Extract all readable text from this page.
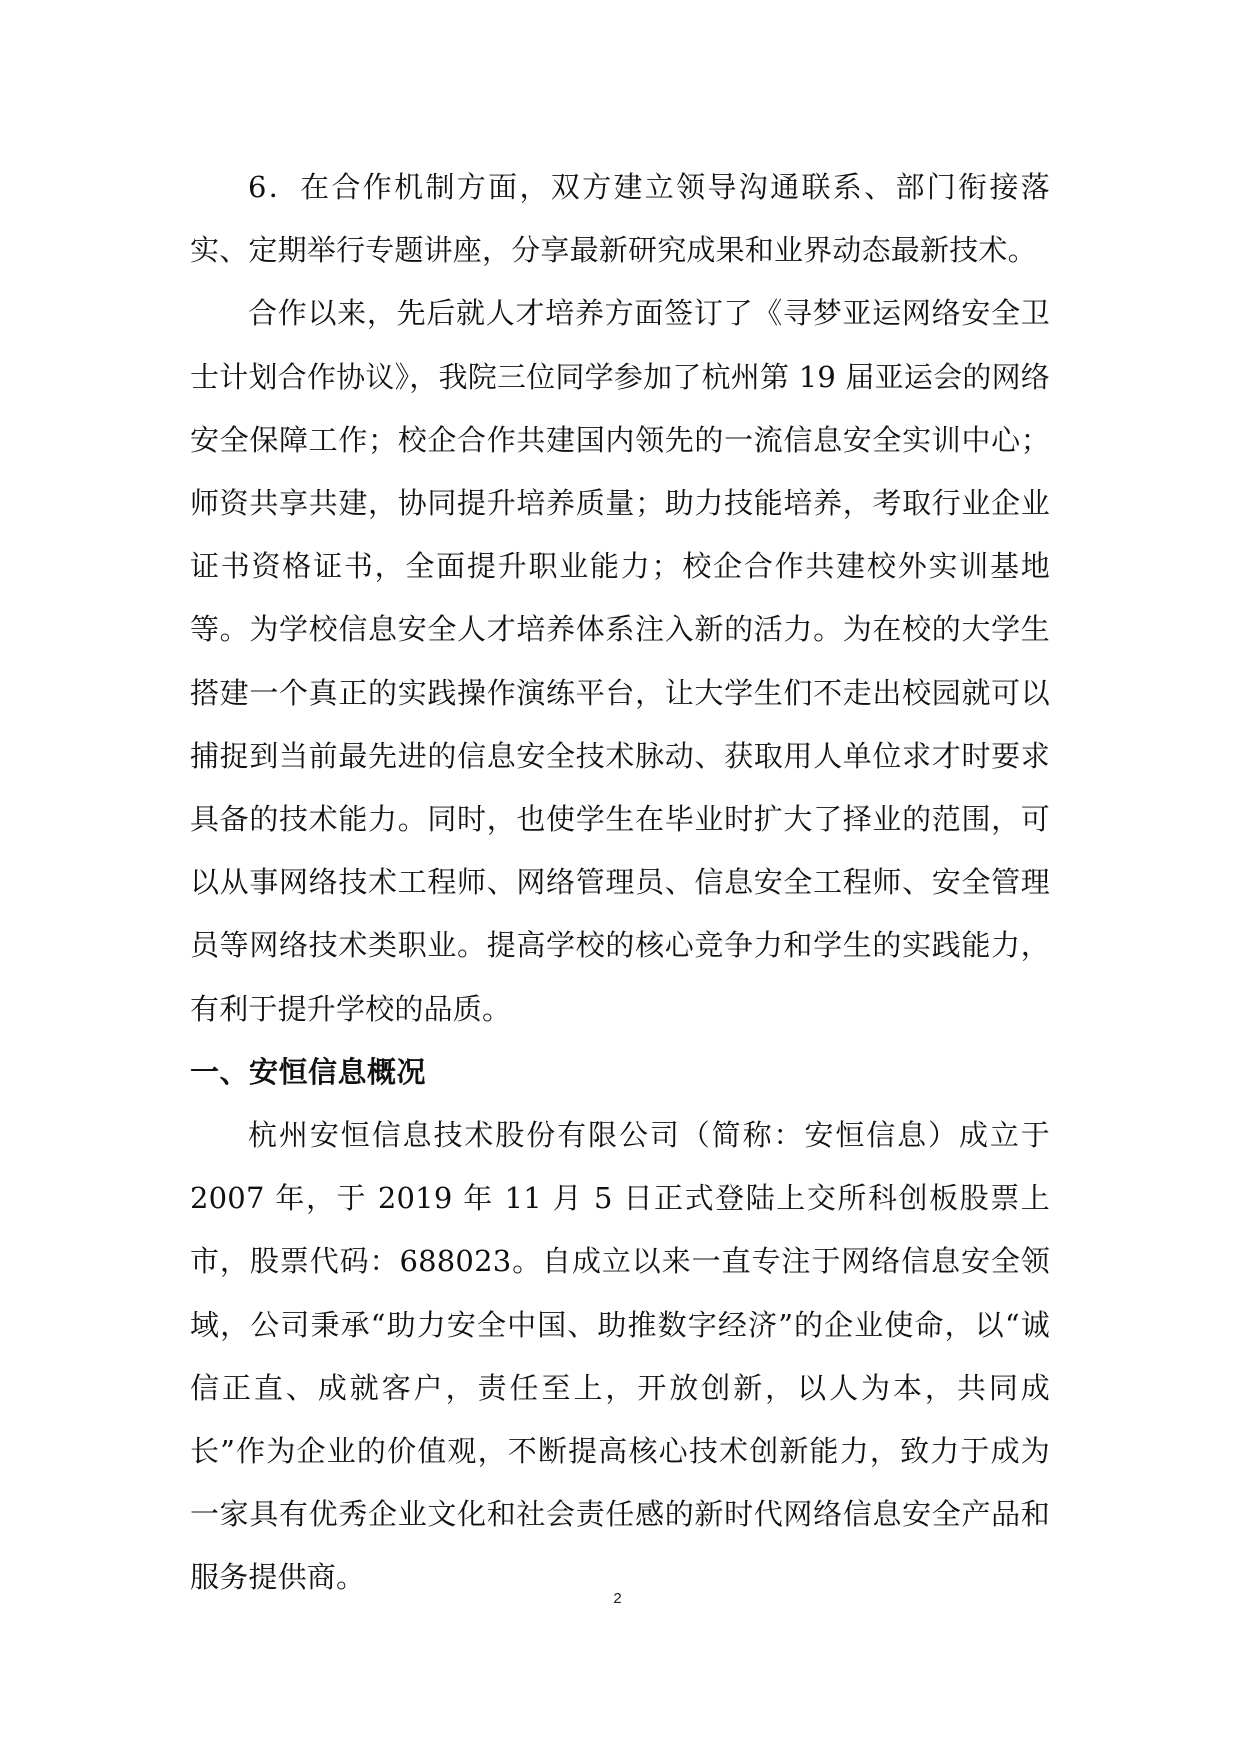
6．在合作机制方面，双方建立领导沟通联系、部门衔接落实、定期举行专题讲座，分享最新研究成果和业界动态最新技术。

合作以来，先后就人才培养方面签订了《寻梦亚运网络安全卫士计划合作协议》，我院三位同学参加了杭州第 19 届亚运会的网络安全保障工作；校企合作共建国内领先的一流信息安全实训中心；师资共享共建，协同提升培养质量；助力技能培养，考取行业企业证书资格证书，全面提升职业能力；校企合作共建校外实训基地等。为学校信息安全人才培养体系注入新的活力。为在校的大学生搭建一个真正的实践操作演练平台，让大学生们不走出校园就可以捕捉到当前最先进的信息安全技术脉动、获取用人单位求才时要求具备的技术能力。同时，也使学生在毕业时扩大了择业的范围，可以从事网络技术工程师、网络管理员、信息安全工程师、安全管理员等网络技术类职业。提高学校的核心竞争力和学生的实践能力，有利于提升学校的品质。

一、安恒信息概况

杭州安恒信息技术股份有限公司（简称：安恒信息）成立于 2007 年，于 2019 年 11 月 5 日正式登陆上交所科创板股票上市，股票代码：688023。自成立以来一直专注于网络信息安全领域，公司秉承“助力安全中国、助推数字经济”的企业使命，以“诚信正直、成就客户，责任至上，开放创新，以人为本，共同成长”作为企业的价值观，不断提高核心技术创新能力，致力于成为一家具有优秀企业文化和社会责任感的新时代网络信息安全产品和服务提供商。

2
